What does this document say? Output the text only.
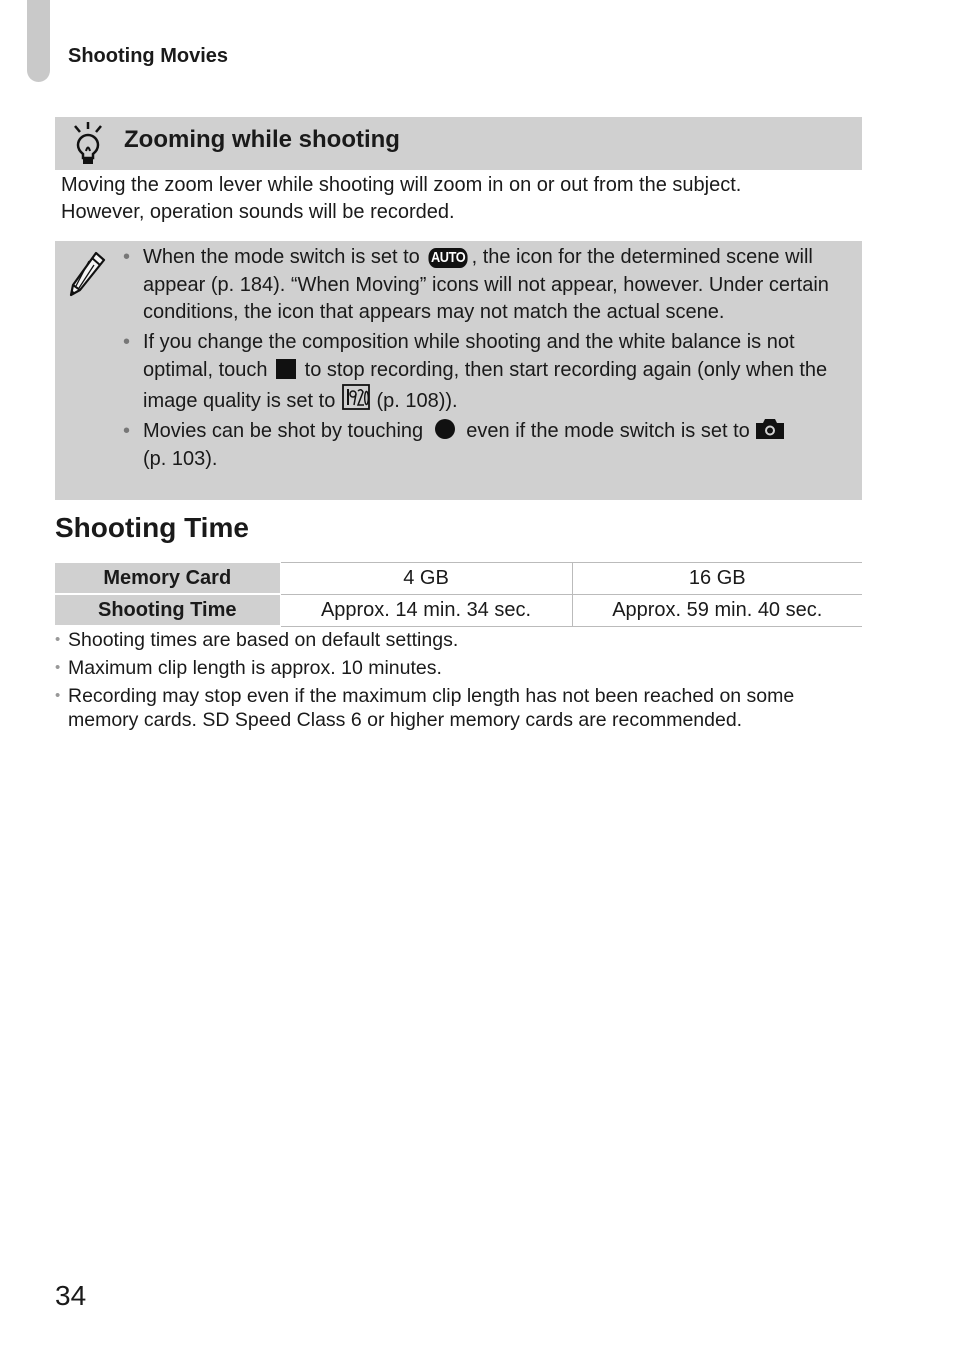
Shooting Movies
Zooming while shooting
Moving the zoom lever while shooting will zoom in on or out from the subject.
However, operation sounds will be recorded.
• When the mode switch is set to AUTO , the icon for the determined scene will appear (p. 184). “When Moving” icons will not appear, however. Under certain conditions, the icon that appears may not match the actual scene.
• If you change the composition while shooting and the white balance is not optimal, touch  to stop recording, then start recording again (only when the image quality is set to  (p. 108)).
• Movies can be shot by touching  even if the mode switch is set to
(p. 103).
Shooting Time
Memory Card	4 GB	16 GB
Shooting Time	Approx. 14 min. 34 sec.	Approx. 59 min. 40 sec.
• Shooting times are based on default settings.
• Maximum clip length is approx. 10 minutes.
• Recording may stop even if the maximum clip length has not been reached on some memory cards. SD Speed Class 6 or higher memory cards are recommended.
34
